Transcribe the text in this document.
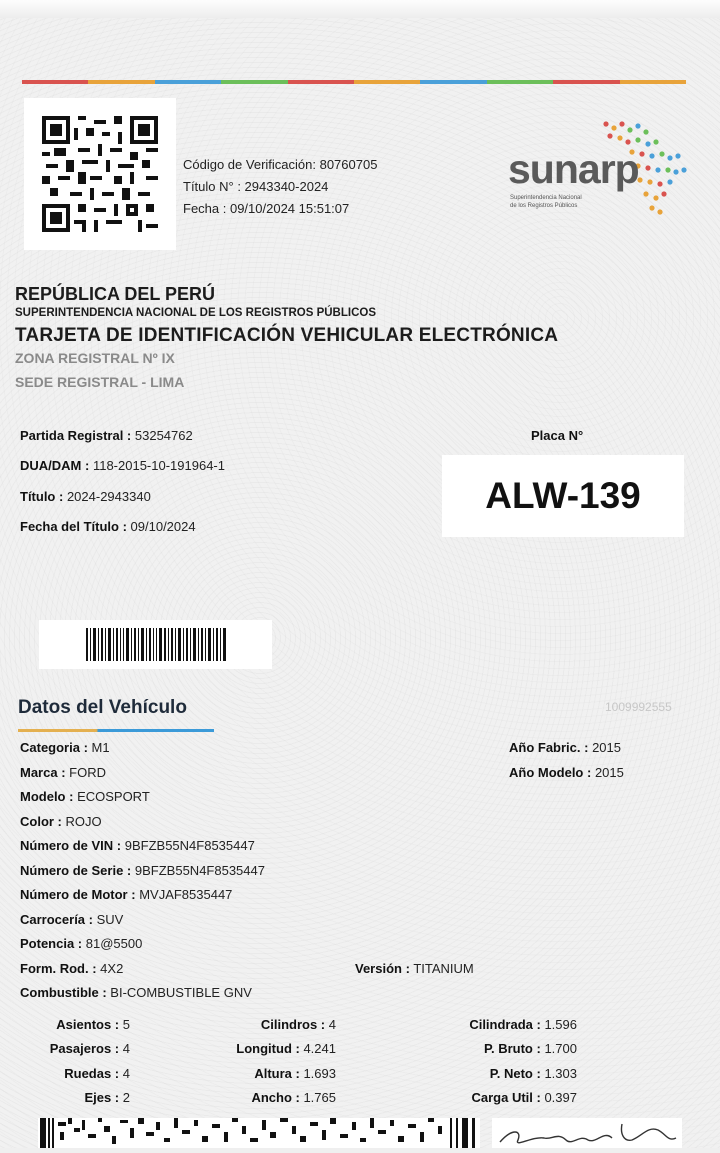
Código de Verificación: 80760705
Título N° : 2943340-2024
Fecha : 09/10/2024 15:51:07
sunarp
Superintendencia Nacional
de los Registros Públicos
REPÚBLICA DEL PERÚ
SUPERINTENDENCIA NACIONAL DE LOS REGISTROS PÚBLICOS
TARJETA DE IDENTIFICACIÓN VEHICULAR ELECTRÓNICA
ZONA REGISTRAL Nº IX
SEDE REGISTRAL - LIMA
Partida Registral : 53254762
DUA/DAM : 118-2015-10-191964-1
Título : 2024-2943340
Fecha del Título : 09/10/2024
Placa N°
ALW-139
Datos del Vehículo	1009992555
Categoria : M1
Marca : FORD
Modelo : ECOSPORT
Color : ROJO
Número de VIN : 9BFZB55N4F8535447
Número de Serie : 9BFZB55N4F8535447
Número de Motor : MVJAF8535447
Carrocería : SUV
Potencia : 81@5500
Form. Rod. : 4X2	Versión : TITANIUM
Combustible : BI-COMBUSTIBLE GNV
Año Fabric. : 2015
Año Modelo : 2015
Asientos : 5
Pasajeros : 4
Ruedas : 4
Ejes : 2
Cilindros : 4
Longitud : 4.241
Altura : 1.693
Ancho : 1.765
Cilindrada : 1.596
P. Bruto : 1.700
P. Neto : 1.303
Carga Util : 0.397
